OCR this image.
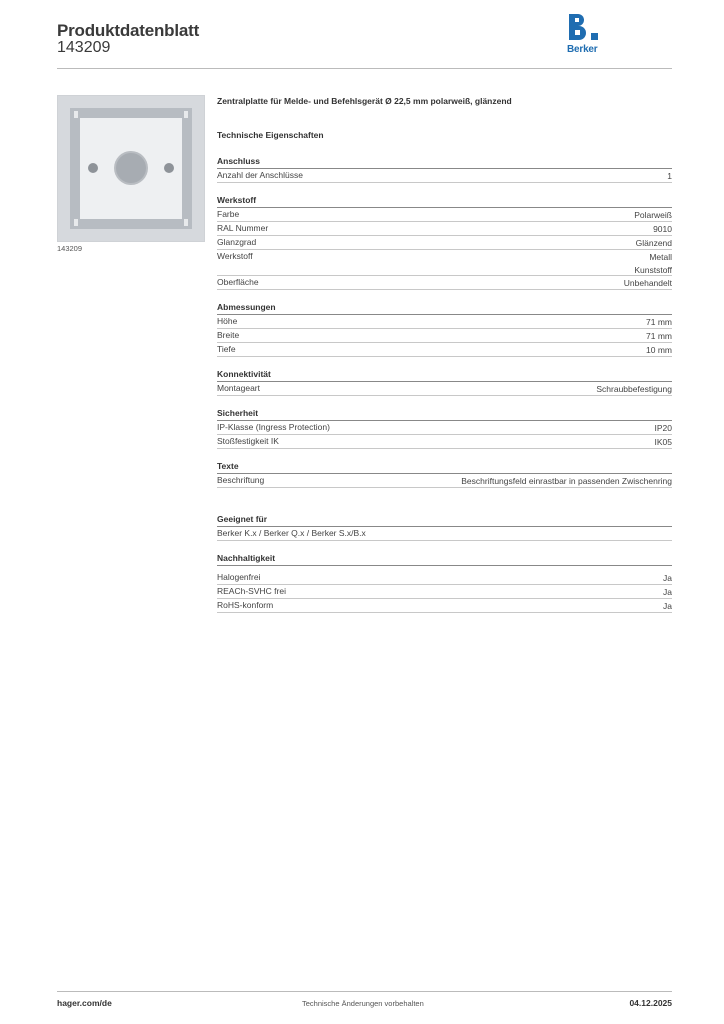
Produktdatenblatt
143209	Berker
143209
Zentralplatte für Melde- und Befehlsgerät Ø 22,5 mm polarweiß, glänzend
Technische Eigenschaften
Anschluss
Anzahl der Anschlüsse	1
Werkstoff
Farbe	Polarweiß
RAL Nummer	9010
Glanzgrad	Glänzend
Werkstoff	Metall
Kunststoff
Oberfläche	Unbehandelt
Abmessungen
Höhe	71 mm
Breite	71 mm
Tiefe	10 mm
Konnektivität
Montageart	Schraubbefestigung
Sicherheit
IP-Klasse (Ingress Protection)	IP20
Stoßfestigkeit IK	IK05
Texte
Beschriftung	Beschriftungsfeld einrastbar in passenden Zwischenring
Geeignet für
Berker K.x / Berker Q.x / Berker S.x/B.x
Nachhaltigkeit
Halogenfrei	Ja
REACh-SVHC frei	Ja
RoHS-konform	Ja
hager.com/de	Technische Änderungen vorbehalten	04.12.2025
